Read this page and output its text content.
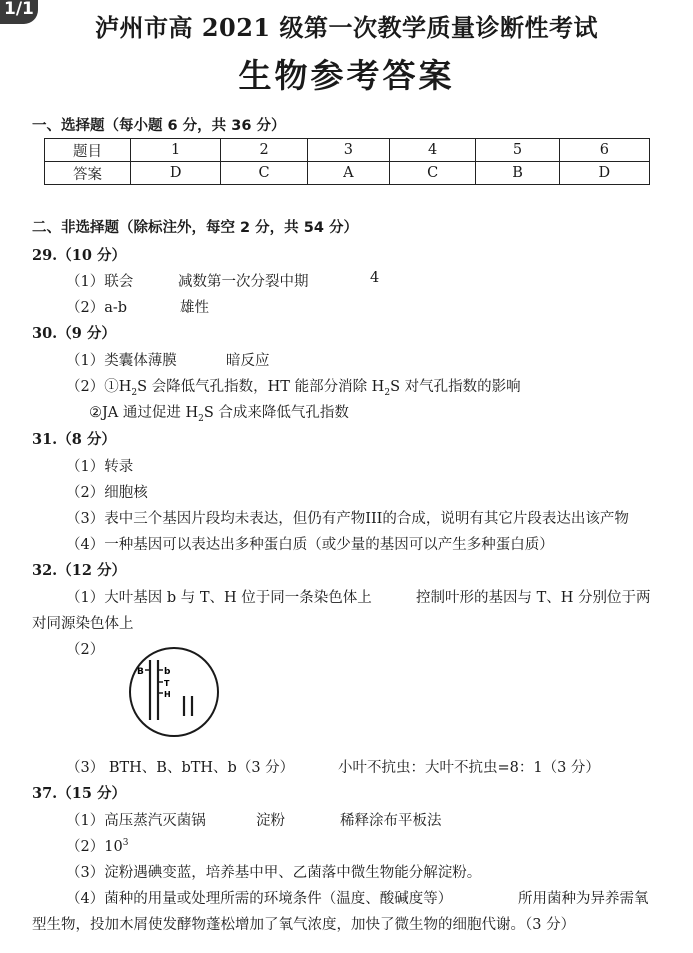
1/1
泸州市高 2021 级第一次教学质量诊断性考试
生物参考答案
一、选择题（每小题 6 分，共 36 分）
题目	1	2	3	4	5	6
答案	D	C	A	C	B	D
二、非选择题（除标注外，每空 2 分，共 54 分）
29.（10 分）
（1）联会	减数第一次分裂中期	4
（2）a-b	雄性
30.（9 分）
（1）类囊体薄膜	暗反应
$(2)①H_2S$ 会降低气孔指数，HT 能部分消除 $H_2S$ 对气孔指数的影响
②JA 通过促进 $H_2S$ 合成来降低气孔指数
31.（8 分）
（1）转录
（2）细胞核
（3）表中三个基因片段均未表达，但仍有产物III的合成，说明有其它片段表达出该产物
（4）一种基因可以表达出多种蛋白质（或少量的基因可以产生多种蛋白质）
32.（12 分）
（1）大叶基因 b 与 T、H 位于同一条染色体上	控制叶形的基因与 T、H 分别位于两
对同源染色体上
（2）
B b
T
H
（3） BTH、B、bTH、b（3 分）	小叶不抗虫：大叶不抗虫=8：1（3 分）
37.（15 分）
（1）高压蒸汽灭菌锅	淀粉	稀释涂布平板法
$(2)10^3$
（3）淀粉遇碘变蓝，培养基中甲、乙菌落中微生物能分解淀粉。
（4）菌种的用量或处理所需的环境条件（温度、酸碱度等）	所用菌种为异养需氧
型生物，投加木屑使发酵物蓬松增加了氧气浓度，加快了微生物的细胞代谢。（3 分）
